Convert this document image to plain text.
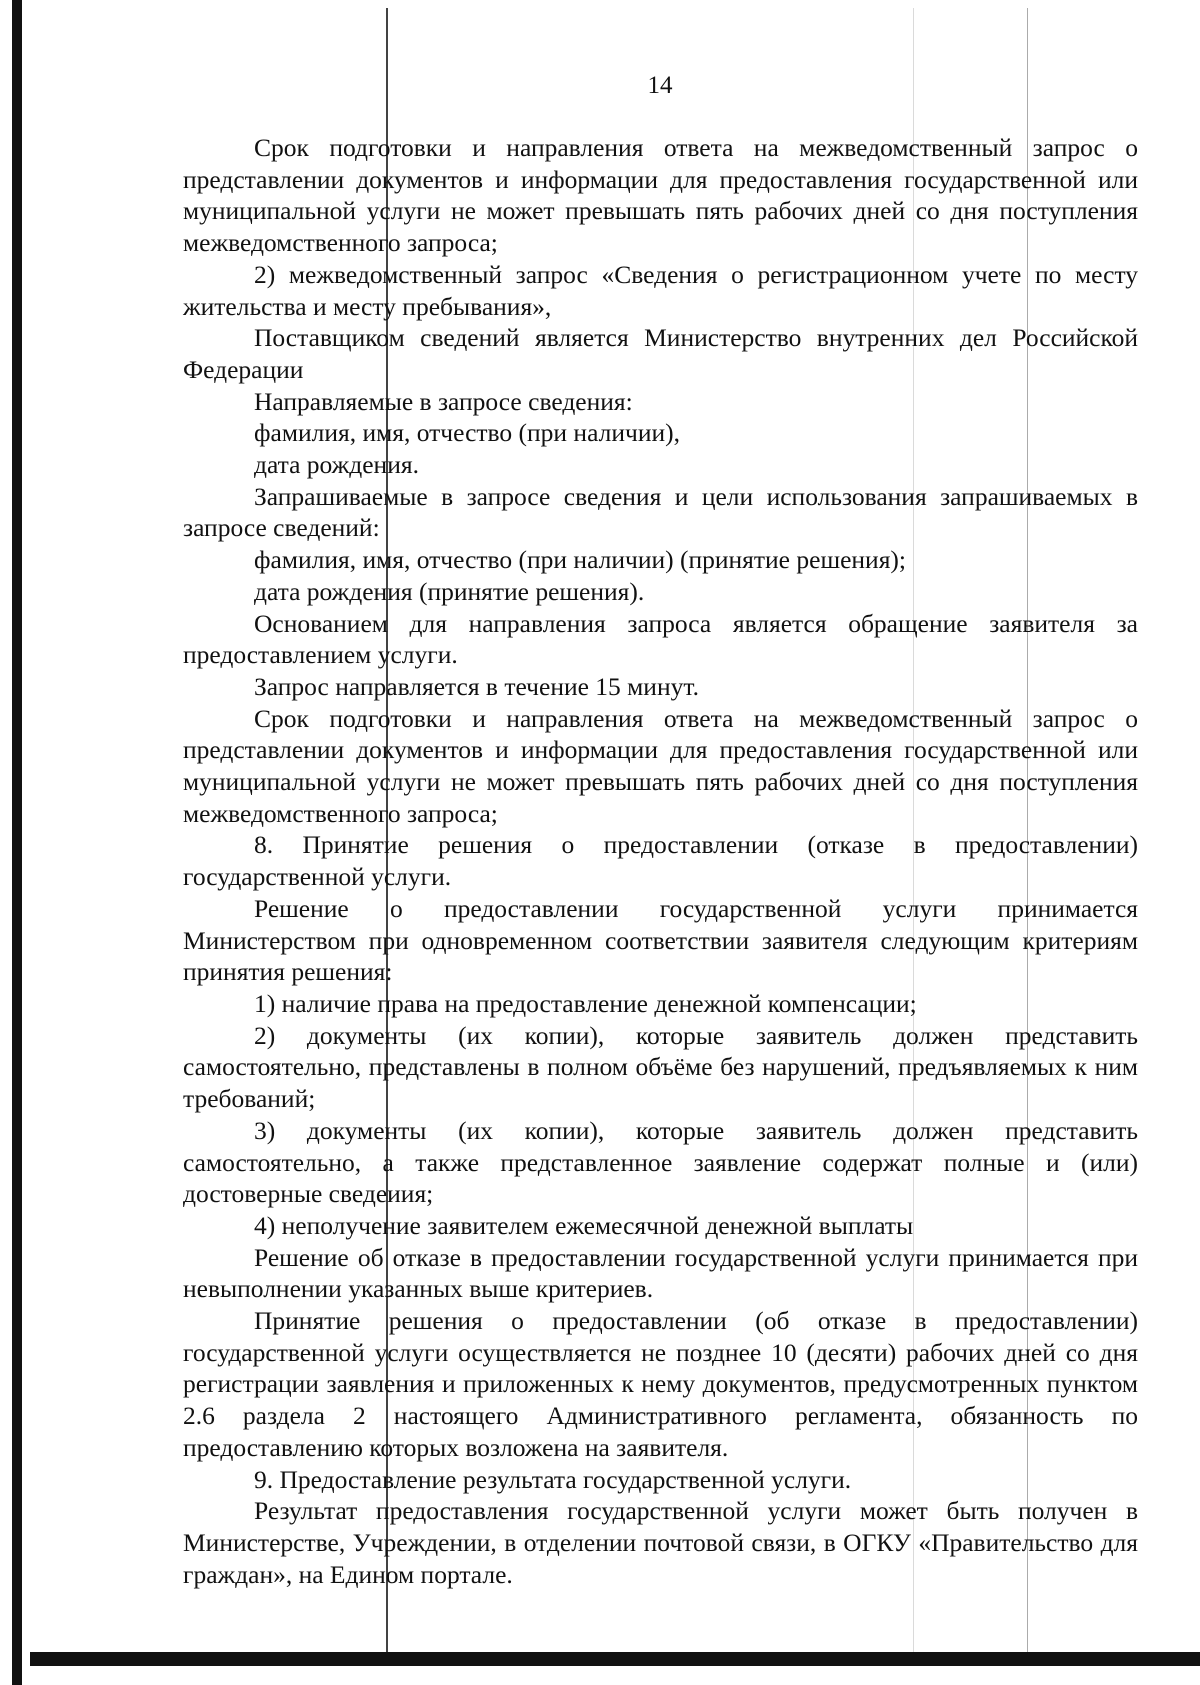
14

Срок подготовки и направления ответа на межведомственный запрос о представлении документов и информации для предоставления государственной или муниципальной услуги не может превышать пять рабочих дней со дня поступления межведомственного запроса;

2) межведомственный запрос «Сведения о регистрационном учете по месту жительства и месту пребывания»,

Поставщиком сведений является Министерство внутренних дел Российской Федерации

Направляемые в запросе сведения:

фамилия, имя, отчество (при наличии),

дата рождения.

Запрашиваемые в запросе сведения и цели использования запрашиваемых в запросе сведений:

фамилия, имя, отчество (при наличии) (принятие решения);

дата рождения (принятие решения).

Основанием для направления запроса является обращение заявителя за предоставлением услуги.

Запрос направляется в течение 15 минут.

Срок подготовки и направления ответа на межведомственный запрос о представлении документов и информации для предоставления государственной или муниципальной услуги не может превышать пять рабочих дней со дня поступления межведомственного запроса;

8. Принятие решения о предоставлении (отказе в предоставлении) государственной услуги.

Решение о предоставлении государственной услуги принимается Министерством при одновременном соответствии заявителя следующим критериям принятия решения:

1) наличие права на предоставление денежной компенсации;

2) документы (их копии), которые заявитель должен представить самостоятельно, представлены в полном объёме без нарушений, предъявляемых к ним требований;

3) документы (их копии), которые заявитель должен представить самостоятельно, а также представленное заявление содержат полные и (или) достоверные сведеиия;

4) неполучение заявителем ежемесячной денежной выплаты

Решение об отказе в предоставлении государственной услуги принимается при невыполнении указанных выше критериев.

Принятие решения о предоставлении (об отказе в предоставлении) государственной услуги осуществляется не позднее 10 (десяти) рабочих дней со дня регистрации заявления и приложенных к нему документов, предусмотренных пунктом 2.6 раздела 2 настоящего Административного регламента, обязанность по предоставлению которых возложена на заявителя.

9. Предоставление результата государственной услуги.

Результат предоставления государственной услуги может быть получен в Министерстве, Учреждении, в отделении почтовой связи, в ОГКУ «Правительство для граждан», на Едином портале.
